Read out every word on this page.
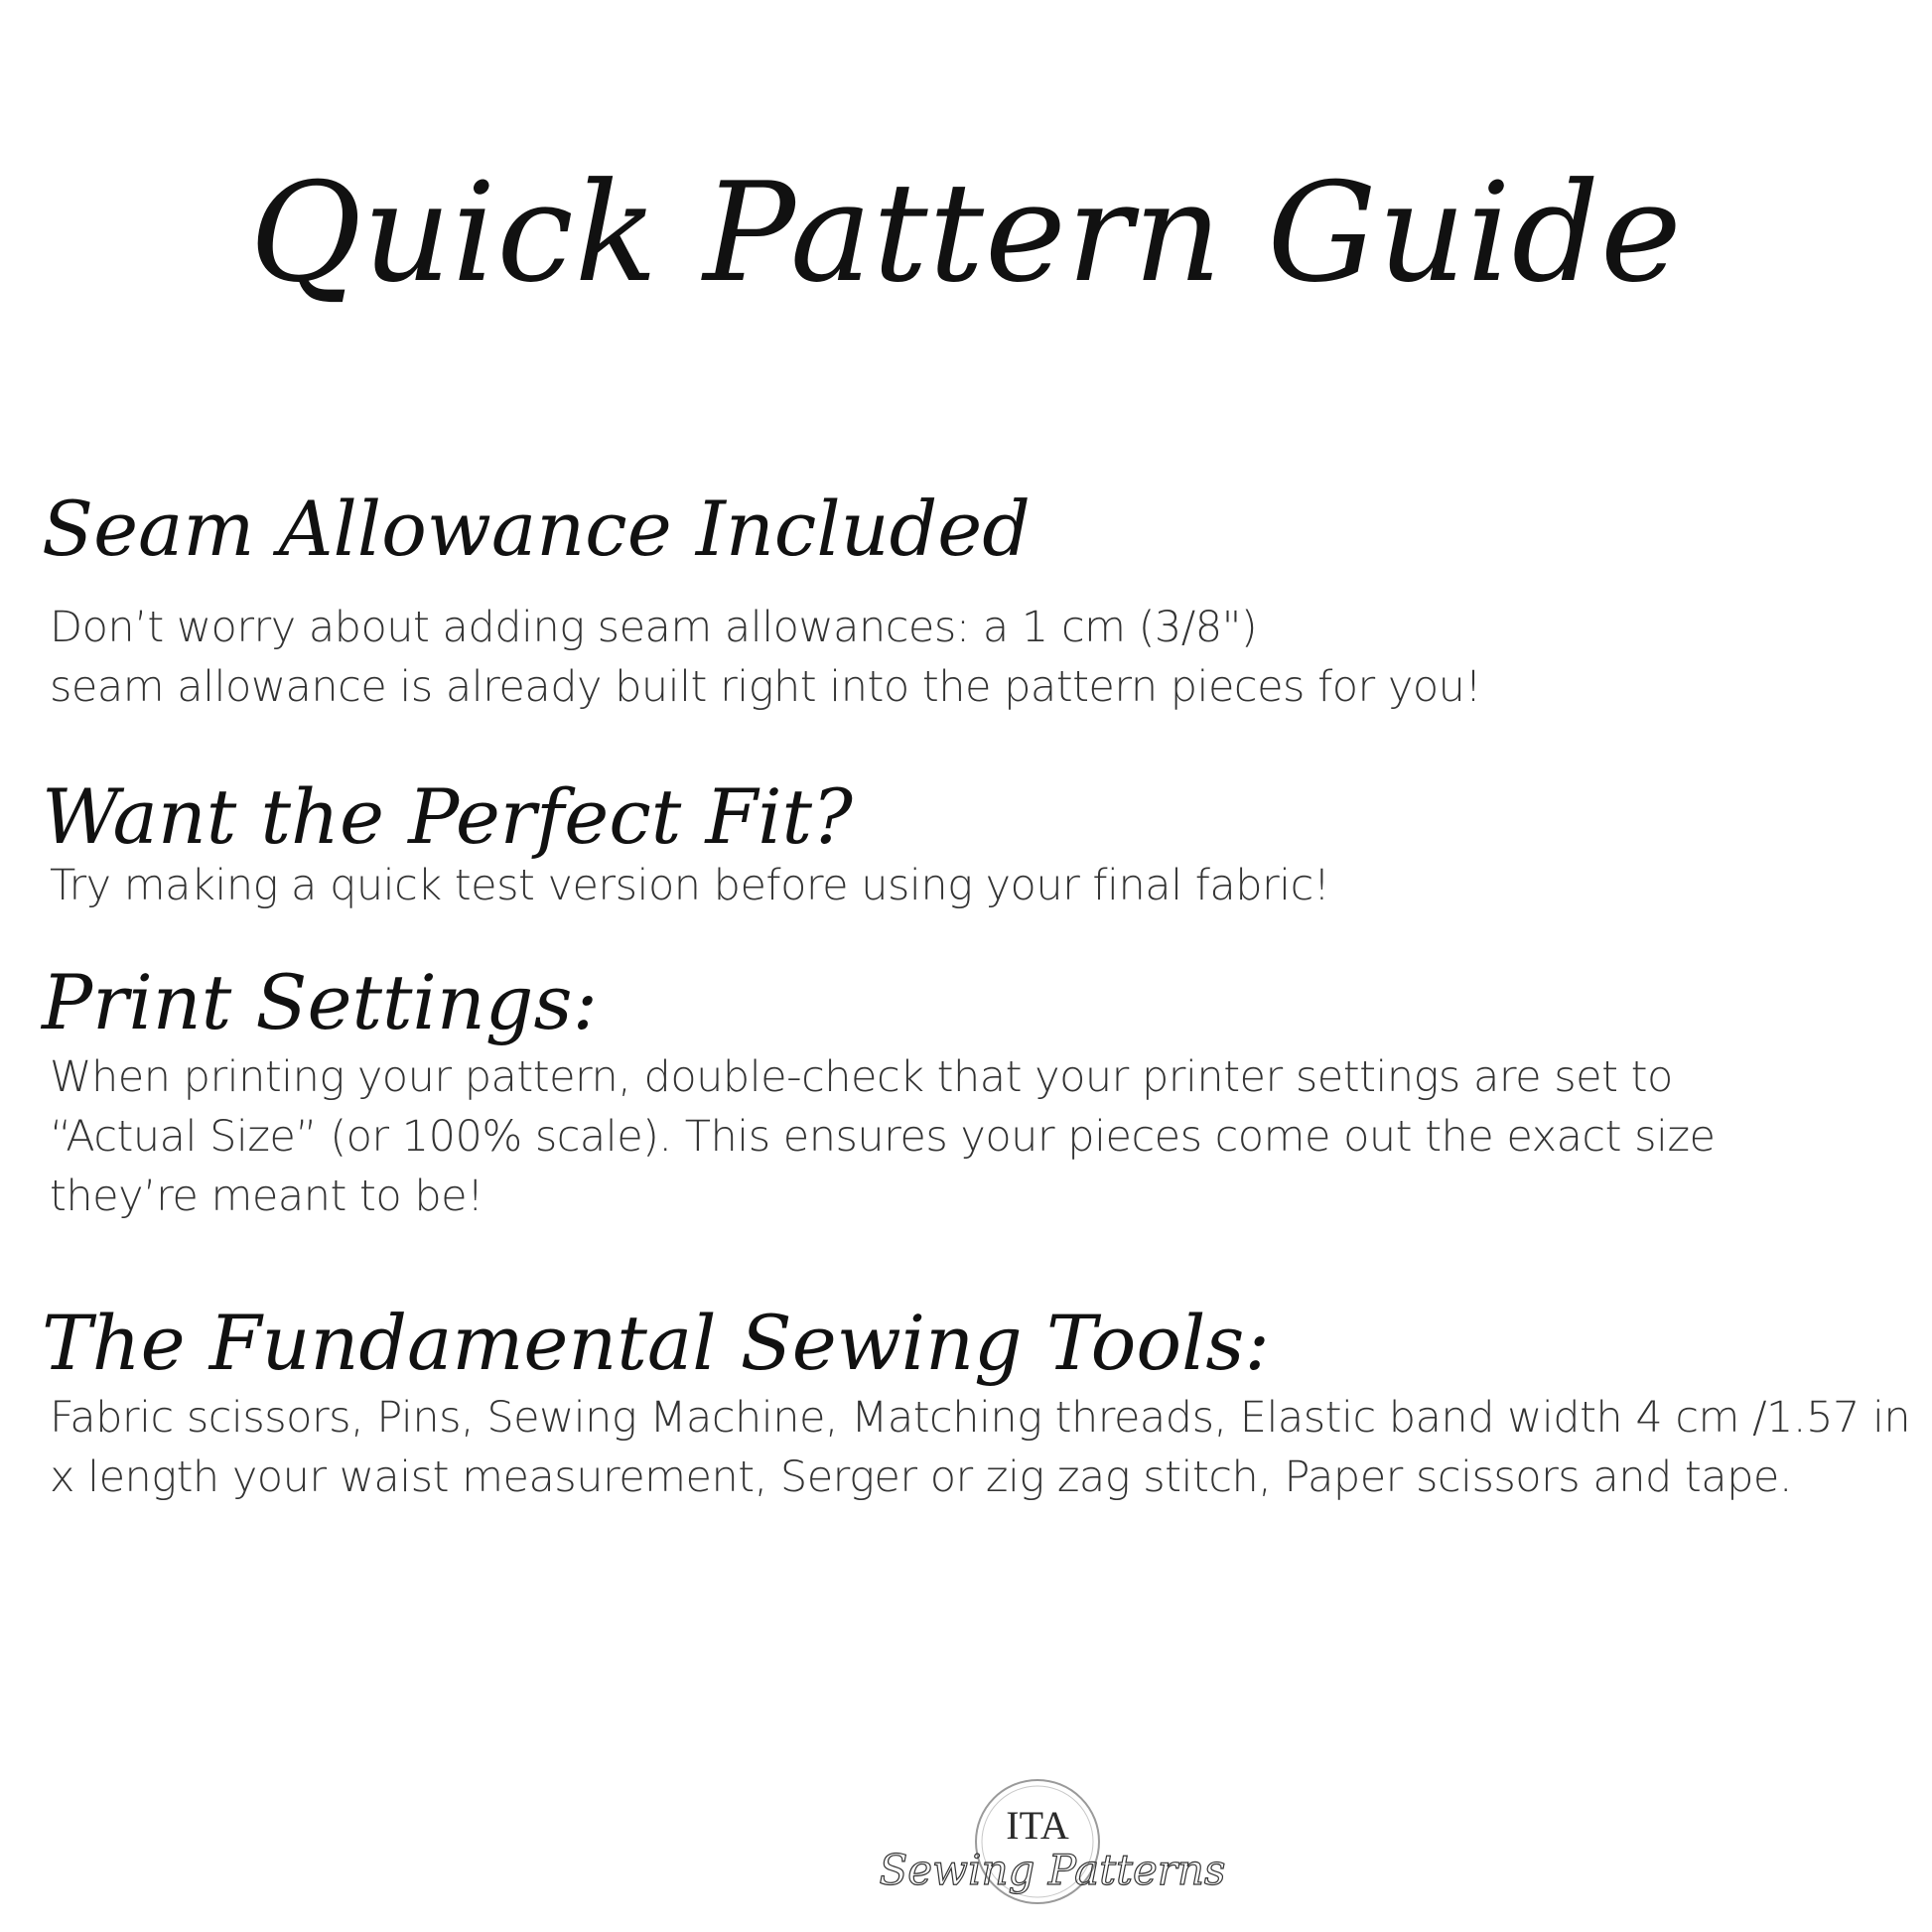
Quick Pattern Guide
Seam Allowance Included
Don’t worry about adding seam allowances: a 1 cm (3/8")
seam allowance is already built right into the pattern pieces for you!
Want the Perfect Fit?
Try making a quick test version before using your final fabric!
Print Settings:
When printing your pattern, double-check that your printer settings are set to
“Actual Size” (or 100% scale). This ensures your pieces come out the exact size
they’re meant to be!
The Fundamental Sewing Tools:
Fabric scissors, Pins, Sewing Machine, Matching threads, Elastic band width 4 cm /1.57 in
x length your waist measurement, Serger or zig zag stitch, Paper scissors and tape.
ITA
Sewing Patterns
